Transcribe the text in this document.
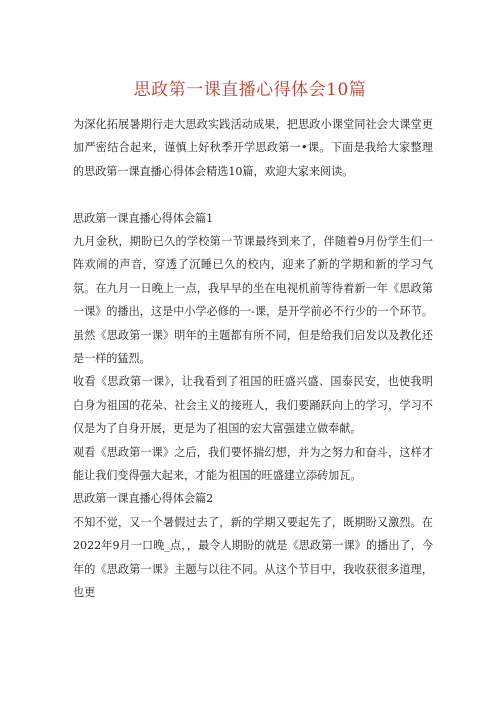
思政第一课直播心得体会10篇

为深化拓展暑期行走大思政实践活动成果，把思政小课堂同社会大课堂更加严密结合起来，谨慎上好秋季开学思政第一•课。下面是我给大家整理的思政第一课直播心得体会精选10篇，欢迎大家来阅读。

思政第一课直播心得体会篇1

九月金秋，期盼已久的学校第一节课最终到来了，伴随着9月份学生们一阵欢闹的声音，穿透了沉睡已久的校内，迎来了新的学期和新的学习气氛。在九月一日晚上一点，我早早的坐在电视机前等待着新一年《思政第一课》的播出，这是中小学必修的一-课，是开学前必不行少的一个环节。虽然《思政第一课》明年的主题都有所不同，但是给我们启发以及教化还是一样的猛烈。

收看《思政第一课》，让我看到了祖国的旺盛兴盛、国泰民安，也使我明白身为祖国的花朵、社会主义的接班人，我们要踊跃向上的学习，学习不仅是为了自身开展，更是为了祖国的宏大富强建立做奉献。

观看《思政第一课》之后，我们要怀揣幻想，并为之努力和奋斗，这样才能让我们变得强大起来，才能为祖国的旺盛建立添砖加瓦。

思政第一课直播心得体会篇2

不知不觉，又一个暑假过去了，新的学期又要起先了，既期盼又激烈。在2022年9月一口晚_点，，最令人期盼的就是《思政第一课》的播出了，今年的《思政第一课》主题与以往不同。从这个节目中，我收获很多道理，也更
